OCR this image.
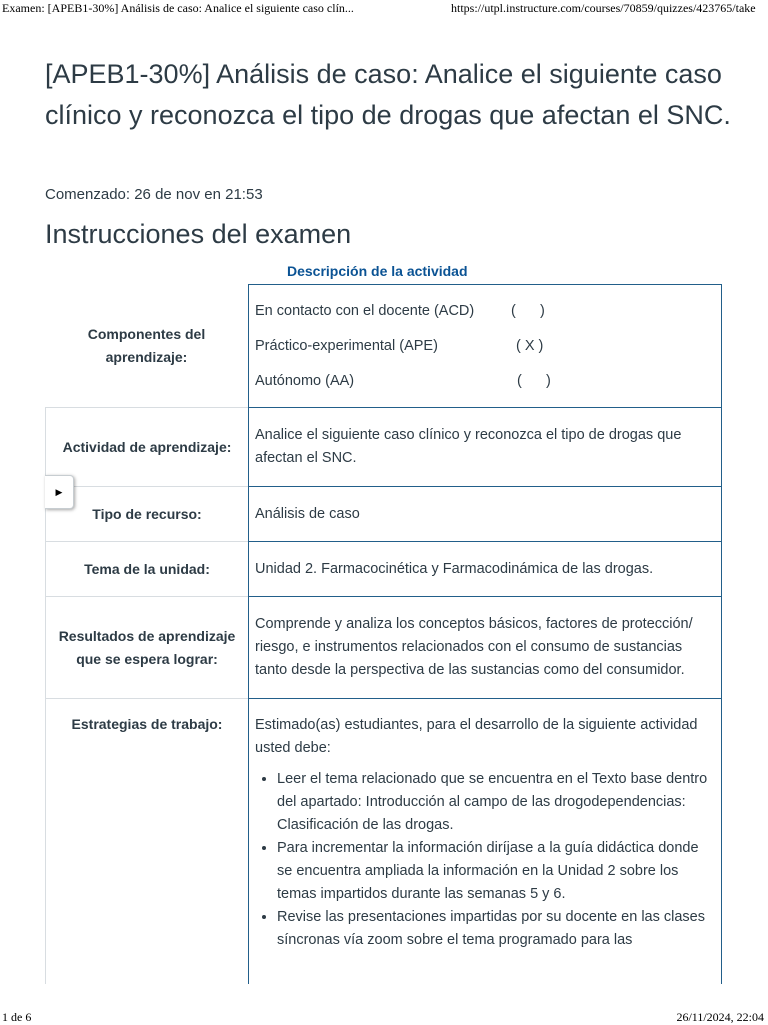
Examen: [APEB1-30%] Análisis de caso: Analice el siguiente caso clín...	https://utpl.instructure.com/courses/70859/quizzes/423765/take
[APEB1-30%] Análisis de caso: Analice el siguiente caso clínico y reconozca el tipo de drogas que afectan el SNC.
Comenzado: 26 de nov en 21:53
Instrucciones del examen
Descripción de la actividad
Componentes del aprendizaje:
En contacto con el docente (ACD)	(      )
Práctico-experimental (APE)	( X )
Autónomo (AA)	(      )
Actividad de aprendizaje:

Analice el siguiente caso clínico y reconozca el tipo de drogas que afectan el SNC.

Tipo de recurso:	Análisis de caso

Tema de la unidad:	Unidad 2. Farmacocinética y Farmacodinámica de las drogas.

Resultados de aprendizaje que se espera lograr:

Comprende y analiza los conceptos básicos, factores de protección/ riesgo, e instrumentos relacionados con el consumo de sustancias tanto desde la perspectiva de las sustancias como del consumidor.

Estrategias de trabajo:	Estimado(as) estudiantes, para el desarrollo de la siguiente actividad usted debe:

• Leer el tema relacionado que se encuentra en el Texto base dentro del apartado: Introducción al campo de las drogodependencias: Clasificación de las drogas.
• Para incrementar la información diríjase a la guía didáctica donde se encuentra ampliada la información en la Unidad 2 sobre los temas impartidos durante las semanas 5 y 6.
• Revise las presentaciones impartidas por su docente en las clases síncronas vía zoom sobre el tema programado para las
▶
1 de 6	26/11/2024, 22:04
